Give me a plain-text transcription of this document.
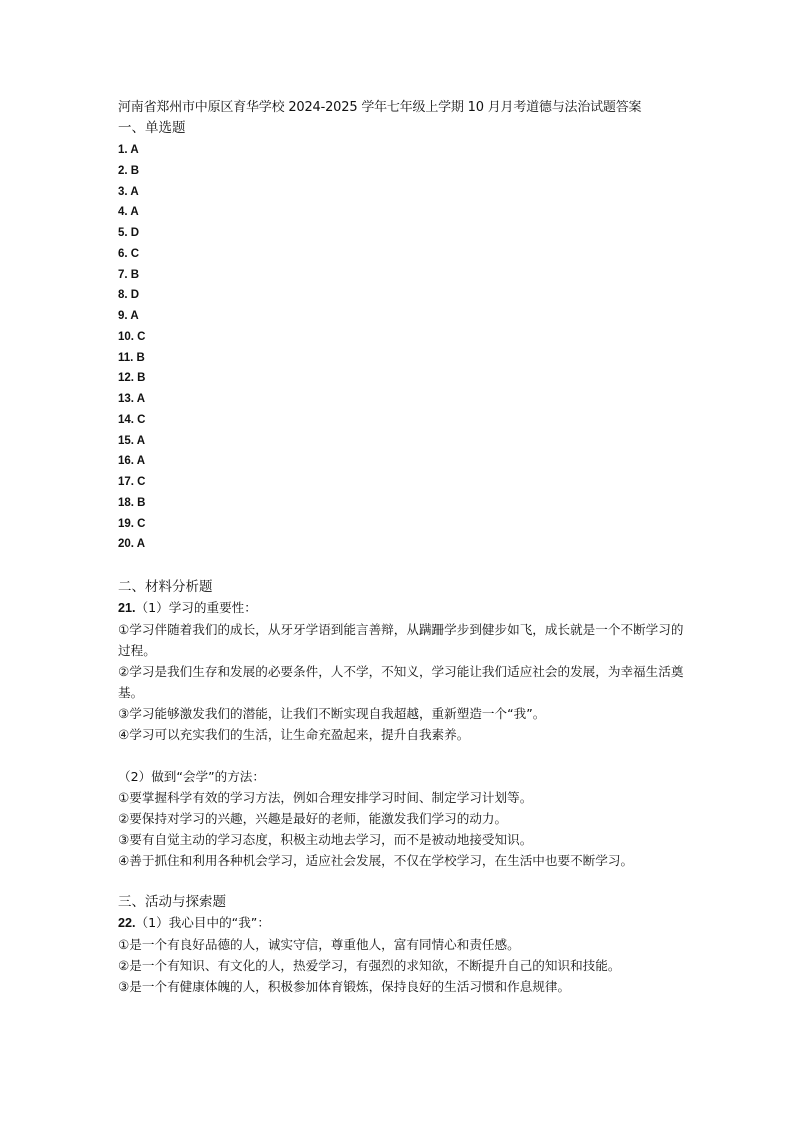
河南省郑州市中原区育华学校 2024-2025 学年七年级上学期 10 月月考道德与法治试题答案
一、单选题
1. A
2. B
3. A
4. A
5. D
6. C
7. B
8. D
9. A
10. C
11. B
12. B
13. A
14. C
15. A
16. A
17. C
18. B
19. C
20. A
二、材料分析题

21.（1）学习的重要性：

①学习伴随着我们的成长，从牙牙学语到能言善辩，从蹒跚学步到健步如飞，成长就是一个不断学习的过程。

②学习是我们生存和发展的必要条件，人不学，不知义，学习能让我们适应社会的发展，为幸福生活奠基。

③学习能够激发我们的潜能，让我们不断实现自我超越，重新塑造一个“我”。

④学习可以充实我们的生活，让生命充盈起来，提升自我素养。

（2）做到“会学”的方法：

①要掌握科学有效的学习方法，例如合理安排学习时间、制定学习计划等。

②要保持对学习的兴趣，兴趣是最好的老师，能激发我们学习的动力。

③要有自觉主动的学习态度，积极主动地去学习，而不是被动地接受知识。

④善于抓住和利用各种机会学习，适应社会发展，不仅在学校学习，在生活中也要不断学习。

三、活动与探索题

22.（1）我心目中的“我”：

①是一个有良好品德的人，诚实守信，尊重他人，富有同情心和责任感。

②是一个有知识、有文化的人，热爱学习，有强烈的求知欲，不断提升自己的知识和技能。

③是一个有健康体魄的人，积极参加体育锻炼，保持良好的生活习惯和作息规律。
